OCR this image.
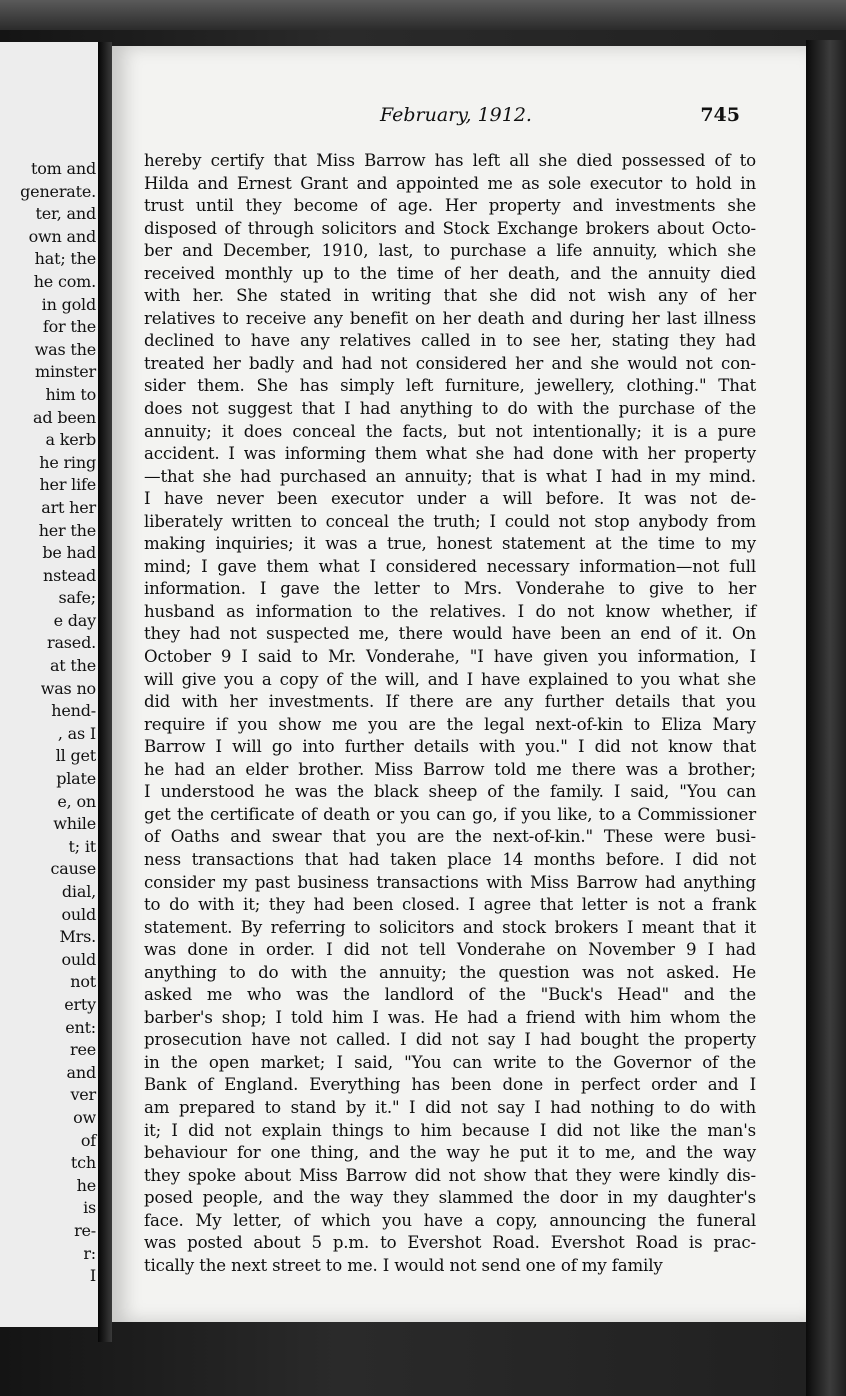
tom and
generate.
ter, and
own and
hat; the
he com.
in gold
for the
was the
minster
him to
ad been
a kerb
he ring
her life
art her
her the
be had
nstead
safe;
e day
rased.
at the
was no
hend-
, as I
ll get
plate
e, on
while
t; it
cause
dial,
ould
Mrs.
ould
not
erty
ent:
ree
and
ver
ow
of
tch
he
is
re-
r:
I
February, 1912.	745
hereby certify that Miss Barrow has left all she died possessed of to
Hilda and Ernest Grant and appointed me as sole executor to hold in
trust until they become of age. Her property and investments she
disposed of through solicitors and Stock Exchange brokers about Octo-
ber and December, 1910, last, to purchase a life annuity, which she
received monthly up to the time of her death, and the annuity died
with her. She stated in writing that she did not wish any of her
relatives to receive any benefit on her death and during her last illness
declined to have any relatives called in to see her, stating they had
treated her badly and had not considered her and she would not con-
sider them. She has simply left furniture, jewellery, clothing." That
does not suggest that I had anything to do with the purchase of the
annuity; it does conceal the facts, but not intentionally; it is a pure
accident. I was informing them what she had done with her property
—that she had purchased an annuity; that is what I had in my mind.
I have never been executor under a will before. It was not de-
liberately written to conceal the truth; I could not stop anybody from
making inquiries; it was a true, honest statement at the time to my
mind; I gave them what I considered necessary information—not full
information. I gave the letter to Mrs. Vonderahe to give to her
husband as information to the relatives. I do not know whether, if
they had not suspected me, there would have been an end of it. On
October 9 I said to Mr. Vonderahe, "I have given you information, I
will give you a copy of the will, and I have explained to you what she
did with her investments. If there are any further details that you
require if you show me you are the legal next-of-kin to Eliza Mary
Barrow I will go into further details with you." I did not know that
he had an elder brother. Miss Barrow told me there was a brother;
I understood he was the black sheep of the family. I said, "You can
get the certificate of death or you can go, if you like, to a Commissioner
of Oaths and swear that you are the next-of-kin." These were busi-
ness transactions that had taken place 14 months before. I did not
consider my past business transactions with Miss Barrow had anything
to do with it; they had been closed. I agree that letter is not a frank
statement. By referring to solicitors and stock brokers I meant that it
was done in order. I did not tell Vonderahe on November 9 I had
anything to do with the annuity; the question was not asked. He
asked me who was the landlord of the "Buck's Head" and the
barber's shop; I told him I was. He had a friend with him whom the
prosecution have not called. I did not say I had bought the property
in the open market; I said, "You can write to the Governor of the
Bank of England. Everything has been done in perfect order and I
am prepared to stand by it." I did not say I had nothing to do with
it; I did not explain things to him because I did not like the man's
behaviour for one thing, and the way he put it to me, and the way
they spoke about Miss Barrow did not show that they were kindly dis-
posed people, and the way they slammed the door in my daughter's
face. My letter, of which you have a copy, announcing the funeral
was posted about 5 p.m. to Evershot Road. Evershot Road is prac-
tically the next street to me. I would not send one of my family
